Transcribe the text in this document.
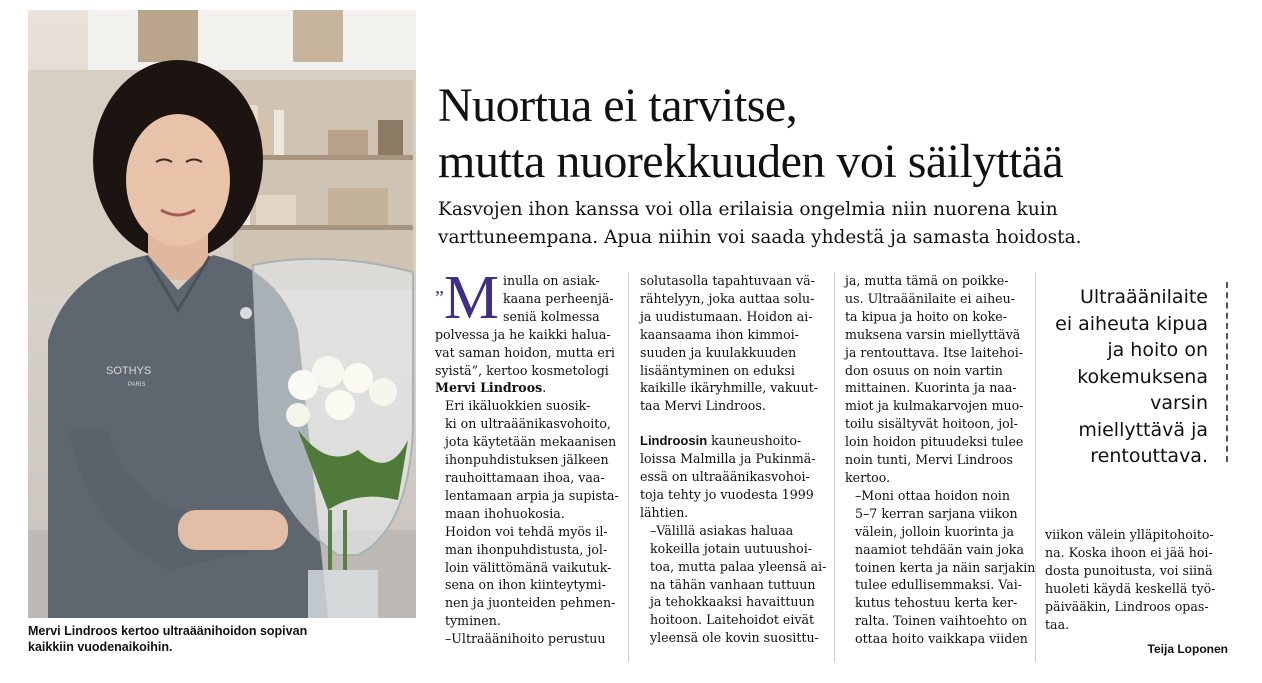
SOTHYS
PARIS
Mervi Lindroos kertoo ultraäänihoidon sopivan
kaikkiin vuodenaikoihin.
Nuortua ei tarvitse,
mutta nuorekkuuden voi säilyttää
Kasvojen ihon kanssa voi olla erilaisia ongelmia niin nuorena kuin
varttuneempana. Apua niihin voi saada yhdestä ja samasta hoidosta.

”M inulla on asiak-
kaana perheenjä-
seniä kolmessa
polvessa ja he kaikki halua-
vat saman hoidon, mutta eri
syistä”, kertoo kosmetologi
Mervi Lindroos.

Eri ikäluokkien suosik-
ki on ultraäänikasvohoito,
jota käytetään mekaanisen
ihonpuhdistuksen jälkeen
rauhoittamaan ihoa, vaa-
lentamaan arpia ja supista-
maan ihohuokosia.

Hoidon voi tehdä myös il-
man ihonpuhdistusta, jol-
loin välittömänä vaikutuk-
sena on ihon kiinteytymi-
nen ja juonteiden pehmen-
tyminen.

–Ultraäänihoito perustuu

solutasolla tapahtuvaan vä-
rähtelyyn, joka auttaa solu-
ja uudistumaan. Hoidon ai-
kaansaama ihon kimmoi-
suuden ja kuulakkuuden
lisääntyminen on eduksi
kaikille ikäryhmille, vakuut-
taa Mervi Lindroos.

Lindroosin kauneushoito-
loissa Malmilla ja Pukinmä-
essä on ultraäänikasvohoi-
toja tehty jo vuodesta 1999
lähtien.

–Välillä asiakas haluaa
kokeilla jotain uutuushoi-
toa, mutta palaa yleensä ai-
na tähän vanhaan tuttuun
ja tehokkaaksi havaittuun
hoitoon. Laitehoidot eivät
yleensä ole kovin suosittu-

ja, mutta tämä on poikke-
us. Ultraäänilaite ei aiheu-
ta kipua ja hoito on koke-
muksena varsin miellyttävä
ja rentouttava. Itse laitehoi-
don osuus on noin vartin
mittainen. Kuorinta ja naa-
miot ja kulmakarvojen muo-
toilu sisältyvät hoitoon, jol-
loin hoidon pituudeksi tulee
noin tunti, Mervi Lindroos
kertoo.

–Moni ottaa hoidon noin
5–7 kerran sarjana viikon
välein, jolloin kuorinta ja
naamiot tehdään vain joka
toinen kerta ja näin sarjakin
tulee edullisemmaksi. Vai-
kutus tehostuu kerta ker-
ralta. Toinen vaihtoehto on
ottaa hoito vaikkapa viiden

Ultraäänilaite
ei aiheuta kipua
ja hoito on
kokemuksena
varsin
miellyttävä ja
rentouttava.
viikon välein ylläpitohoito-
na. Koska ihoon ei jää hoi-
dosta punoitusta, voi siinä
huoleti käydä keskellä työ-
päivääkin, Lindroos opas-
taa.
Teija Loponen
